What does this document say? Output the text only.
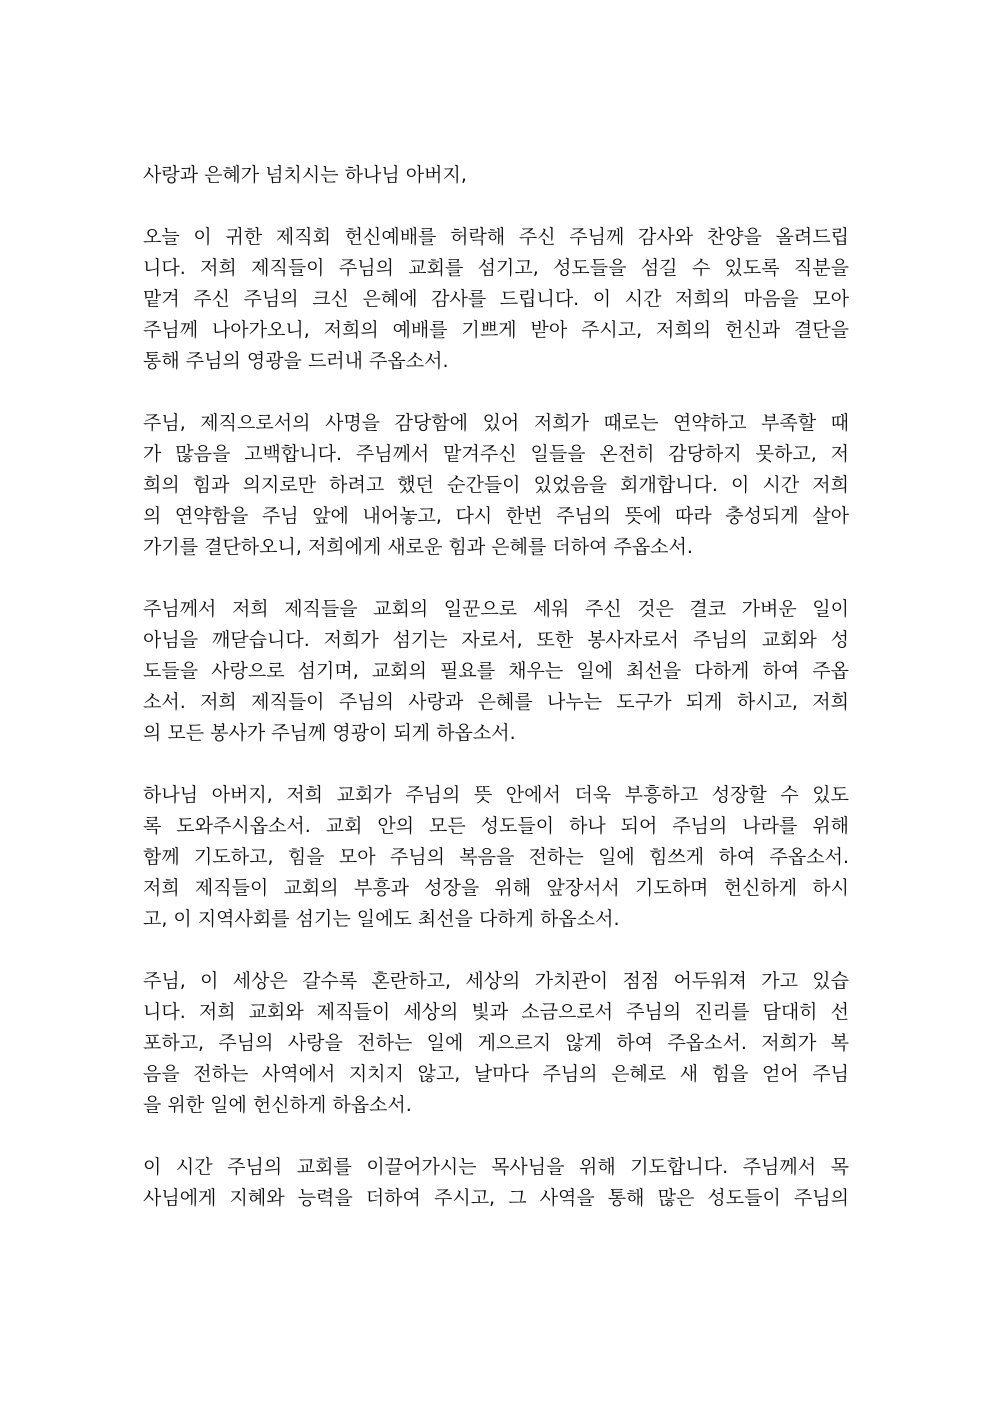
사랑과 은혜가 넘치시는 하나님 아버지,

오늘 이 귀한 제직회 헌신예배를 허락해 주신 주님께 감사와 찬양을 올려드립
니다. 저희 제직들이 주님의 교회를 섬기고, 성도들을 섬길 수 있도록 직분을
맡겨 주신 주님의 크신 은혜에 감사를 드립니다. 이 시간 저희의 마음을 모아
주님께 나아가오니, 저희의 예배를 기쁘게 받아 주시고, 저희의 헌신과 결단을
통해 주님의 영광을 드러내 주옵소서.

주님, 제직으로서의 사명을 감당함에 있어 저희가 때로는 연약하고 부족할 때
가 많음을 고백합니다. 주님께서 맡겨주신 일들을 온전히 감당하지 못하고, 저
희의 힘과 의지로만 하려고 했던 순간들이 있었음을 회개합니다. 이 시간 저희
의 연약함을 주님 앞에 내어놓고, 다시 한번 주님의 뜻에 따라 충성되게 살아
가기를 결단하오니, 저희에게 새로운 힘과 은혜를 더하여 주옵소서.

주님께서 저희 제직들을 교회의 일꾼으로 세워 주신 것은 결코 가벼운 일이
아님을 깨닫습니다. 저희가 섬기는 자로서, 또한 봉사자로서 주님의 교회와 성
도들을 사랑으로 섬기며, 교회의 필요를 채우는 일에 최선을 다하게 하여 주옵
소서. 저희 제직들이 주님의 사랑과 은혜를 나누는 도구가 되게 하시고, 저희
의 모든 봉사가 주님께 영광이 되게 하옵소서.

하나님 아버지, 저희 교회가 주님의 뜻 안에서 더욱 부흥하고 성장할 수 있도
록 도와주시옵소서. 교회 안의 모든 성도들이 하나 되어 주님의 나라를 위해
함께 기도하고, 힘을 모아 주님의 복음을 전하는 일에 힘쓰게 하여 주옵소서.
저희 제직들이 교회의 부흥과 성장을 위해 앞장서서 기도하며 헌신하게 하시
고, 이 지역사회를 섬기는 일에도 최선을 다하게 하옵소서.

주님, 이 세상은 갈수록 혼란하고, 세상의 가치관이 점점 어두워져 가고 있습
니다. 저희 교회와 제직들이 세상의 빛과 소금으로서 주님의 진리를 담대히 선
포하고, 주님의 사랑을 전하는 일에 게으르지 않게 하여 주옵소서. 저희가 복
음을 전하는 사역에서 지치지 않고, 날마다 주님의 은혜로 새 힘을 얻어 주님
을 위한 일에 헌신하게 하옵소서.

이 시간 주님의 교회를 이끌어가시는 목사님을 위해 기도합니다. 주님께서 목
사님에게 지혜와 능력을 더하여 주시고, 그 사역을 통해 많은 성도들이 주님의
